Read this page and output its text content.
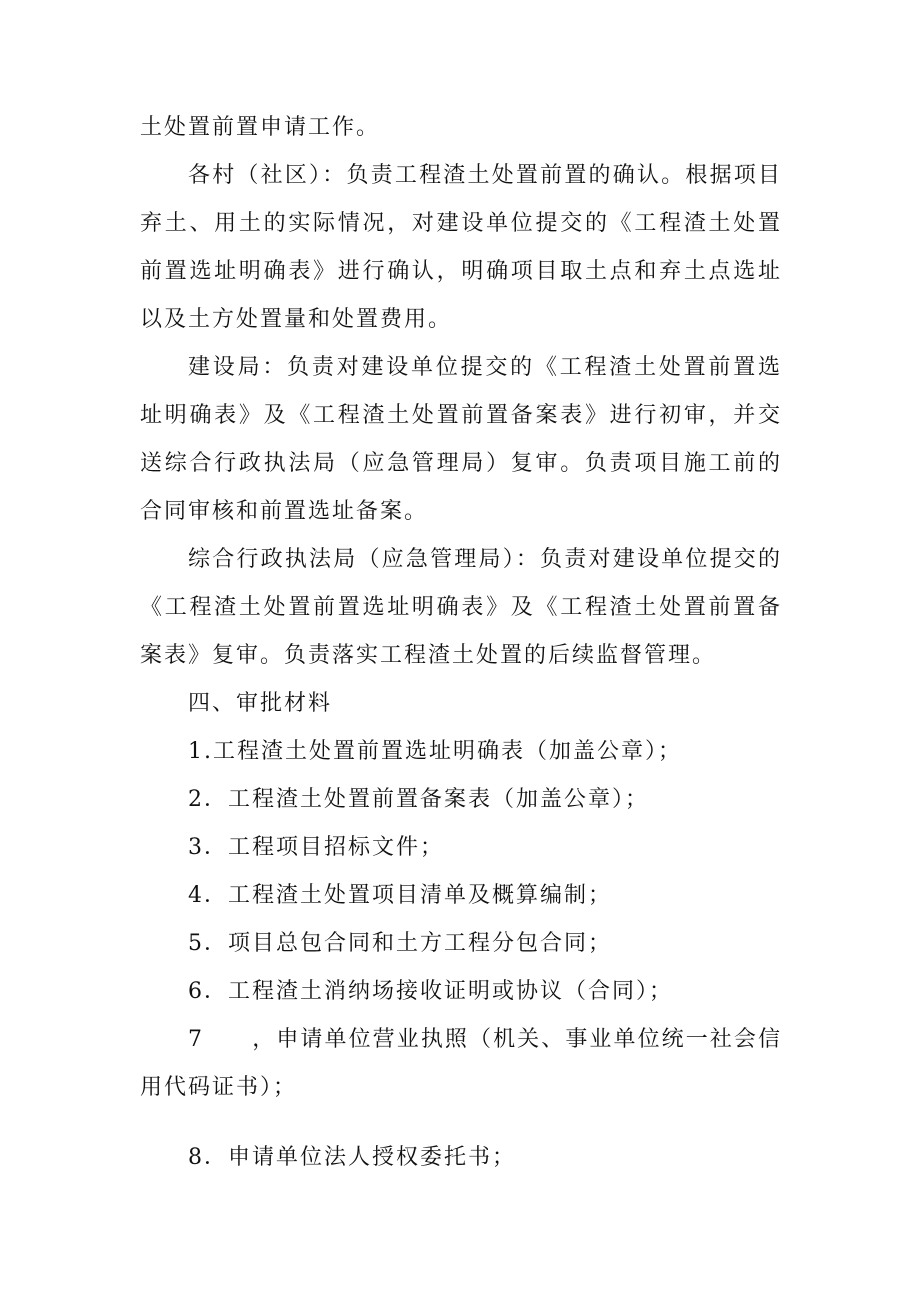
土处置前置申请工作。

各村（社区）：负责工程渣土处置前置的确认。根据项目弃土、用土的实际情况，对建设单位提交的《工程渣土处置前置选址明确表》进行确认，明确项目取土点和弃土点选址以及土方处置量和处置费用。

建设局：负责对建设单位提交的《工程渣土处置前置选址明确表》及《工程渣土处置前置备案表》进行初审，并交送综合行政执法局（应急管理局）复审。负责项目施工前的合同审核和前置选址备案。

综合行政执法局（应急管理局）：负责对建设单位提交的《工程渣土处置前置选址明确表》及《工程渣土处置前置备案表》复审。负责落实工程渣土处置的后续监督管理。

四、审批材料

1.工程渣土处置前置选址明确表（加盖公章）；

2．工程渣土处置前置备案表（加盖公章）；

3．工程项目招标文件；

4．工程渣土处置项目清单及概算编制；

5．项目总包合同和土方工程分包合同；

6．工程渣土消纳场接收证明或协议（合同）；

7　　，申请单位营业执照（机关、事业单位统一社会信用代码证书）；

8．申请单位法人授权委托书；
